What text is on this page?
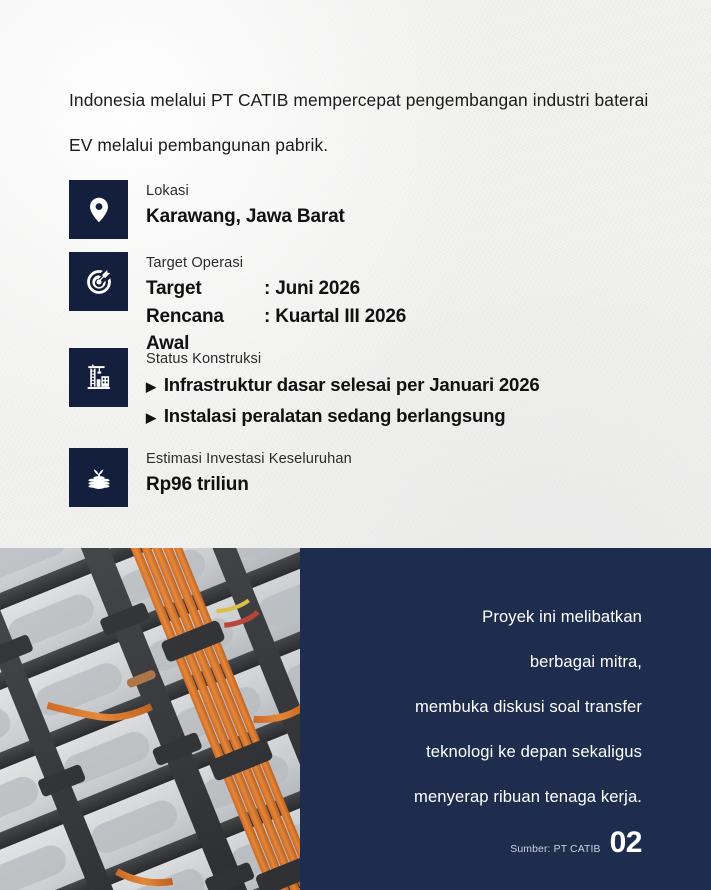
Indonesia melalui PT CATIB mempercepat pengembangan industri baterai EV melalui pembangunan pabrik.
Lokasi
Karawang, Jawa Barat
Target Operasi
Target	: Juni 2026
Rencana Awal
: Kuartal III 2026
Status Konstruksi
▶ Infrastruktur dasar selesai per Januari 2026
▶ Instalasi peralatan sedang berlangsung
Estimasi Investasi Keseluruhan
Rp96 triliun
Proyek ini melibatkan
berbagai mitra,
membuka diskusi soal transfer
teknologi ke depan sekaligus
menyerap ribuan tenaga kerja.
Sumber: PT CATIB 02
